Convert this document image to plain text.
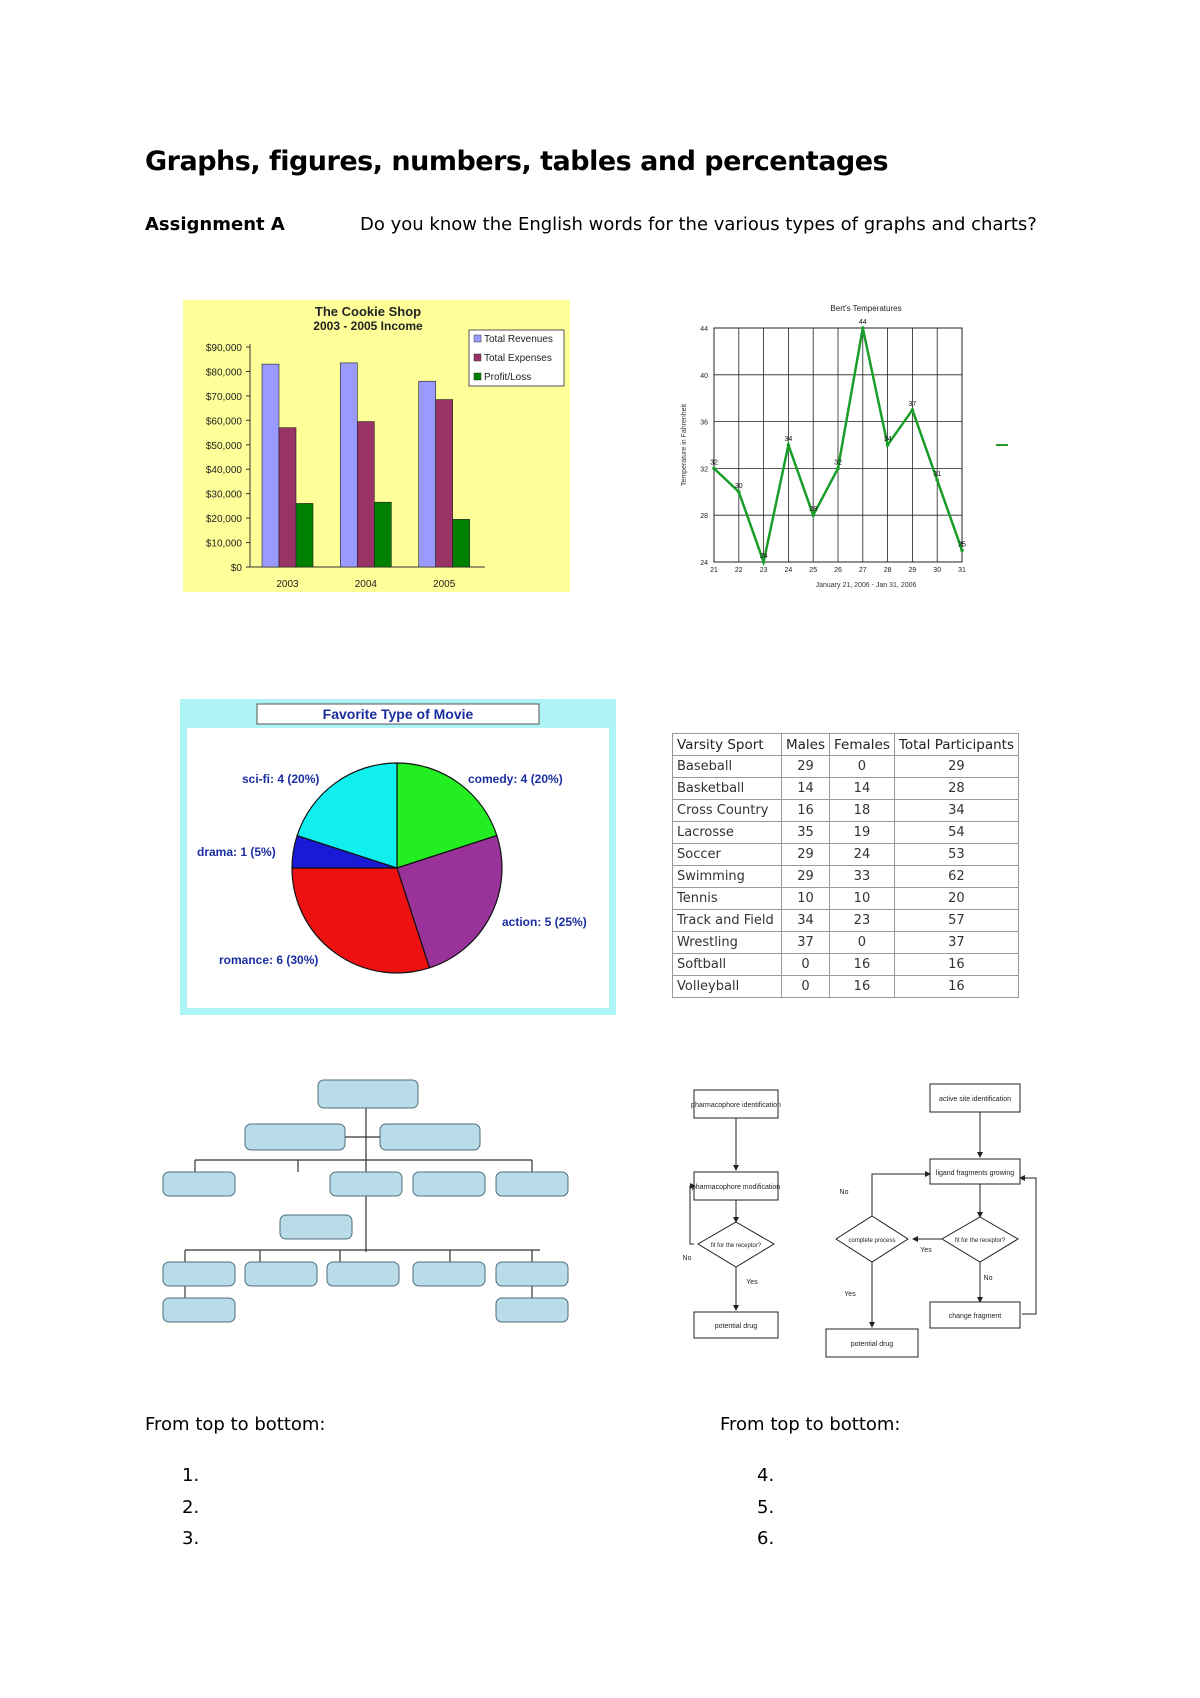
Graphs, figures, numbers, tables and percentages
Assignment A	Do you know the English words for the various types of graphs and charts?
The Cookie Shop
2003 - 2005 Income
$0
$10,000
$20,000
$30,000
$40,000
$50,000
$60,000
$70,000
$80,000
$90,000
2003	2004	2005
Total Revenues
Total Expenses
Profit/Loss
Bert's Temperatures
21 22 23 24 25 26 27 28 29 30 31
24
28
32
36
40
44
32
30
24
34
28
32
44
34
37
31
25
Temperature in Fahrenheit
January 21, 2006 - Jan 31, 2006
Favorite Type of Movie
sci-fi: 4 (20%)	comedy: 4 (20%)
drama: 1 (5%)
action: 5 (25%)
romance: 6 (30%)
Varsity Sport	Males	Females	Total Participants
Baseball	29	0	29
Basketball	14	14	28
Cross Country	16	18	34
Lacrosse	35	19	54
Soccer	29	24	53
Swimming	29	33	62
Tennis	10	10	20
Track and Field	34	23	57
Wrestling	37	0	37
Softball	0	16	16
Volleyball	0	16	16
pharmacophore identification
pharmacophore modification
fit for the receptor?
potential drug
active site identification
ligand fragments growing
fit for the receptor?
complete process
change fragment
potential drug
No
Yes
No
Yes
No
Yes
From top to bottom:	From top to bottom:
1.
2.
3.
4.
5.
6.
